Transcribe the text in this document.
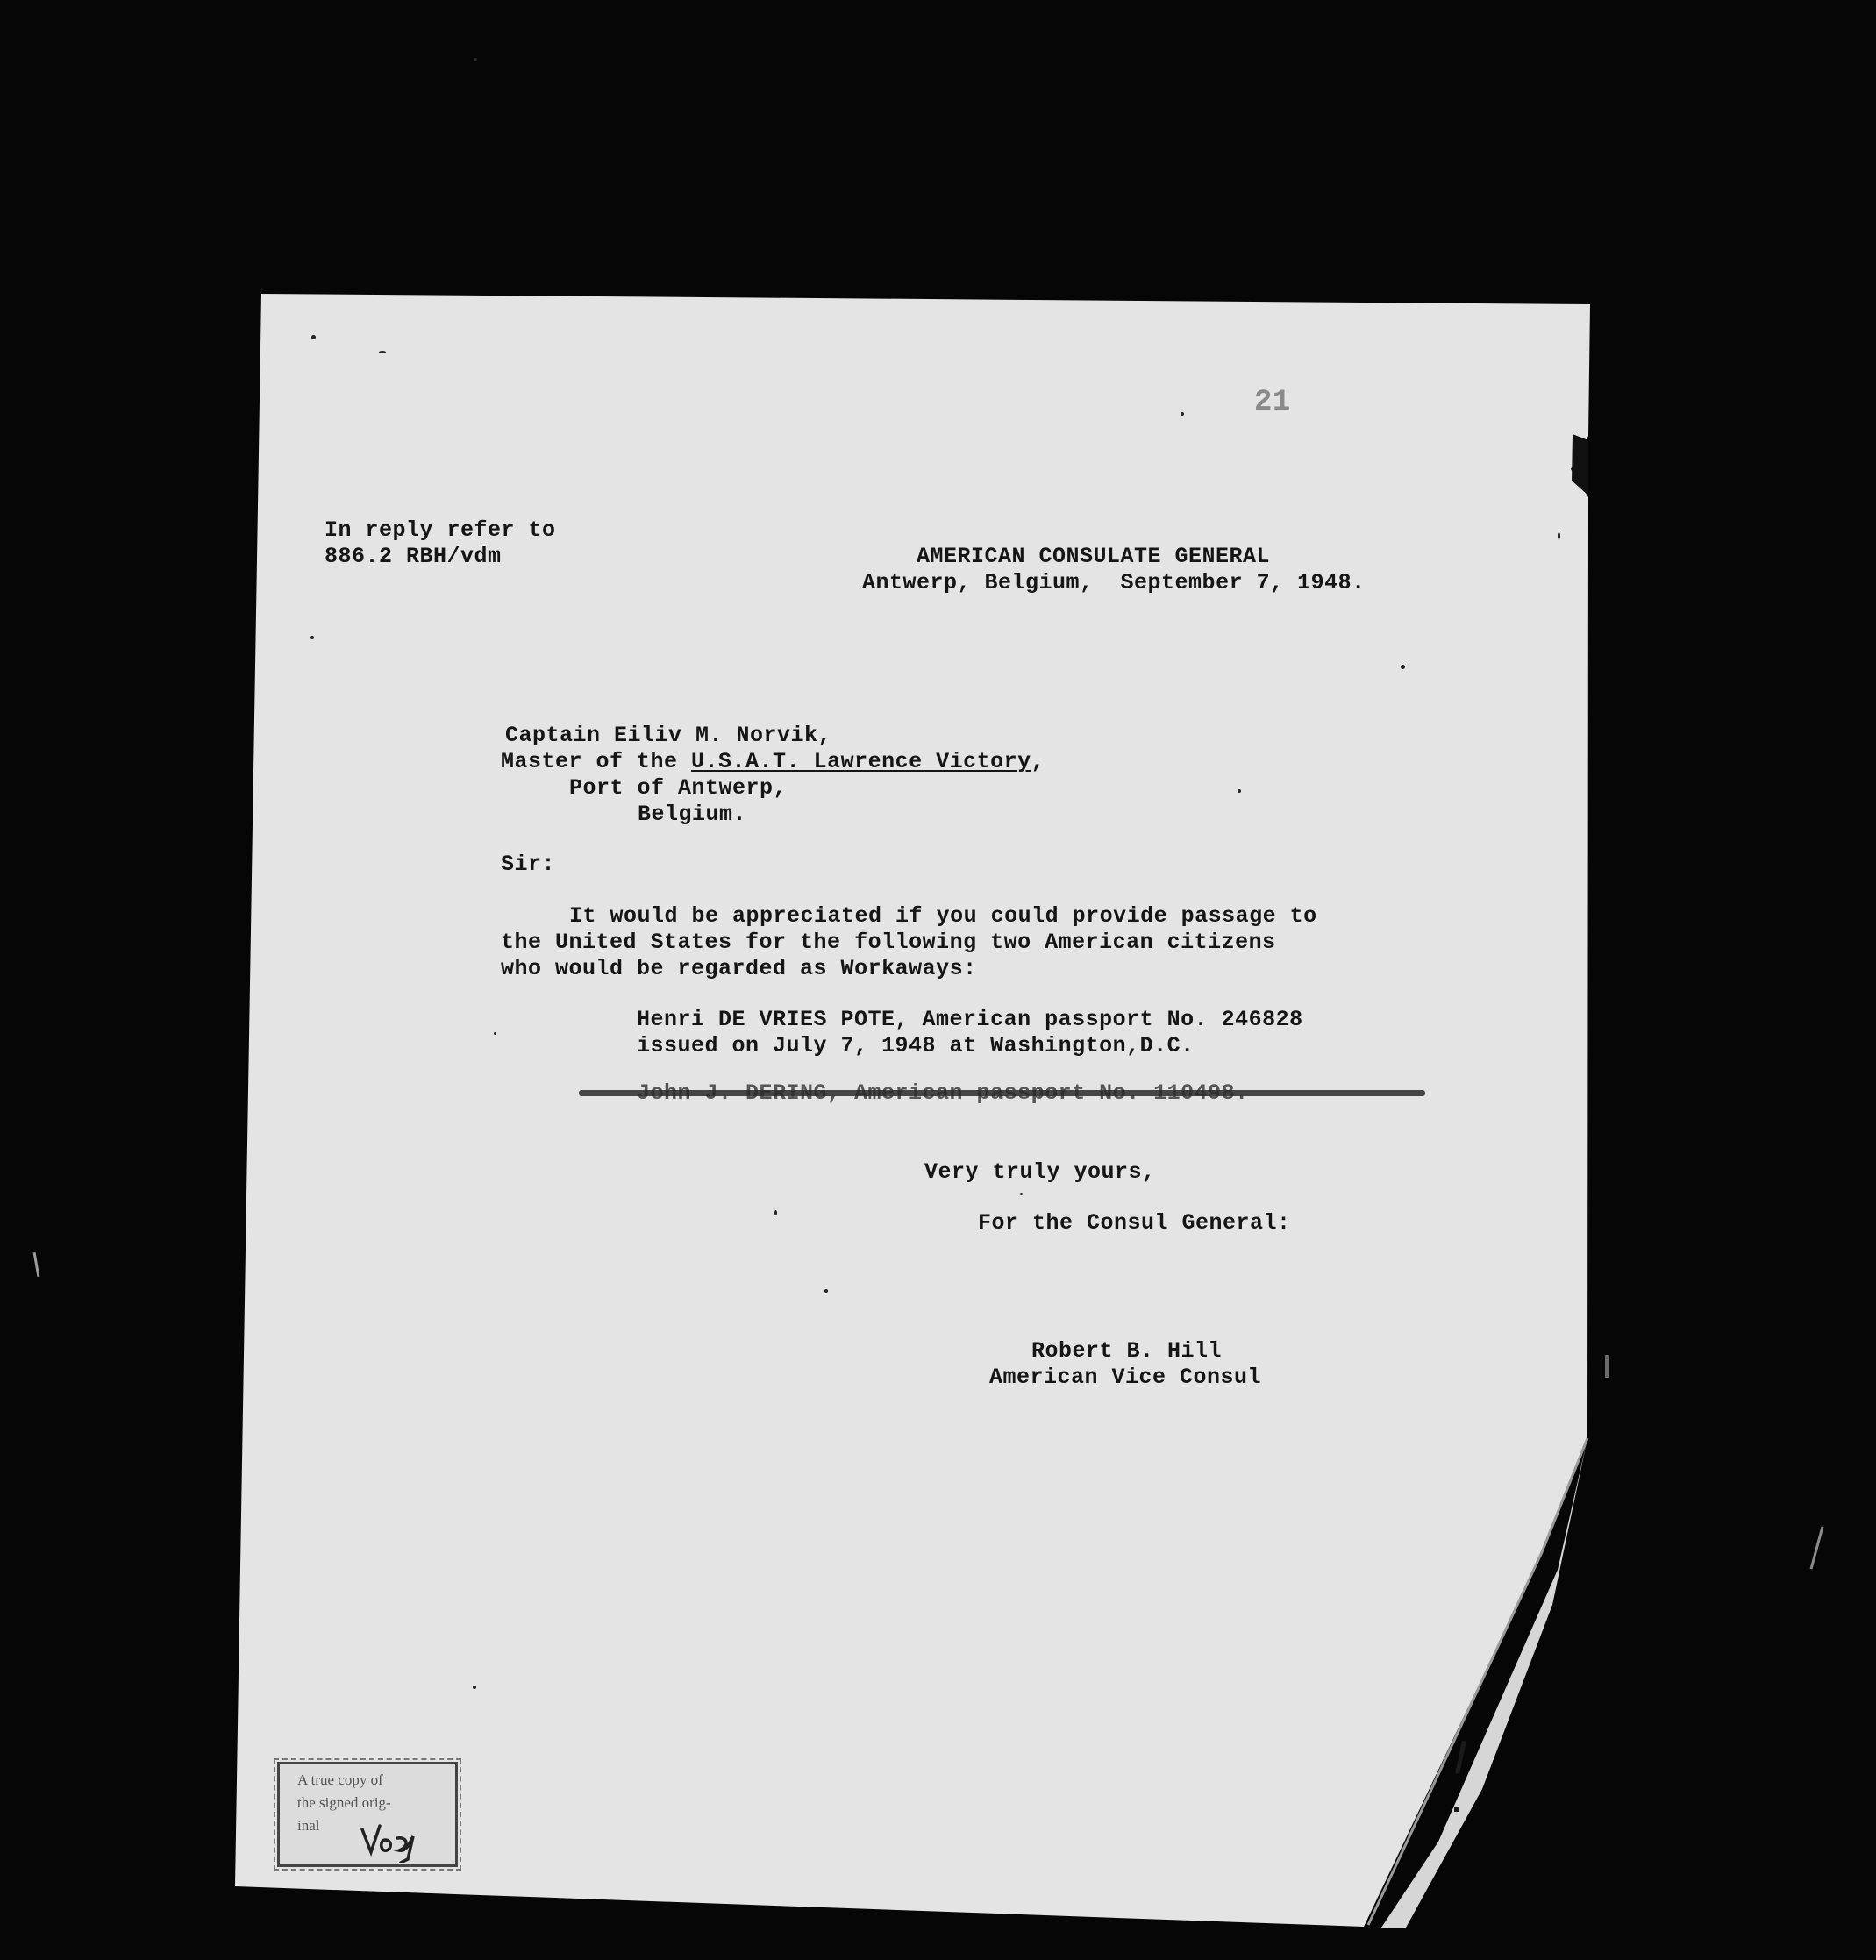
21
In reply refer to
886.2 RBH/vdm	AMERICAN CONSULATE GENERAL
Antwerp, Belgium,  September 7, 1948.
Captain Eiliv M. Norvik,
Master of the U.S.A.T. Lawrence Victory,
Port of Antwerp,
Belgium.
Sir:
It would be appreciated if you could provide passage to
the United States for the following two American citizens
who would be regarded as Workaways:
Henri DE VRIES POTE, American passport No. 246828
issued on July 7, 1948 at Washington,D.C.
Very truly yours,
For the Consul General:
Robert B. Hill
American Vice Consul
A true copy of
the signed orig-
inal
